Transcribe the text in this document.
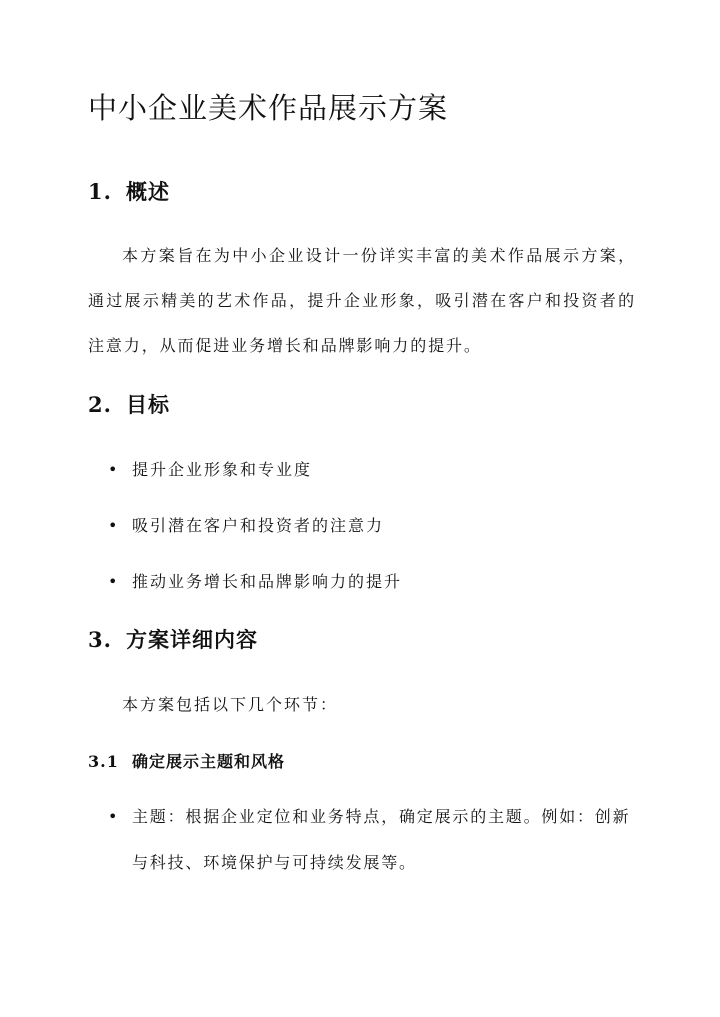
中小企业美术作品展示方案
1. 概述

本方案旨在为中小企业设计一份详实丰富的美术作品展示方案，通过展示精美的艺术作品，提升企业形象，吸引潜在客户和投资者的注意力，从而促进业务增长和品牌影响力的提升。

2. 目标
• 提升企业形象和专业度
• 吸引潜在客户和投资者的注意力
• 推动业务增长和品牌影响力的提升
3. 方案详细内容

本方案包括以下几个环节：

3.1 确定展示主题和风格

• 主题：根据企业定位和业务特点，确定展示的主题。例如：创新与科技、环境保护与可持续发展等。
